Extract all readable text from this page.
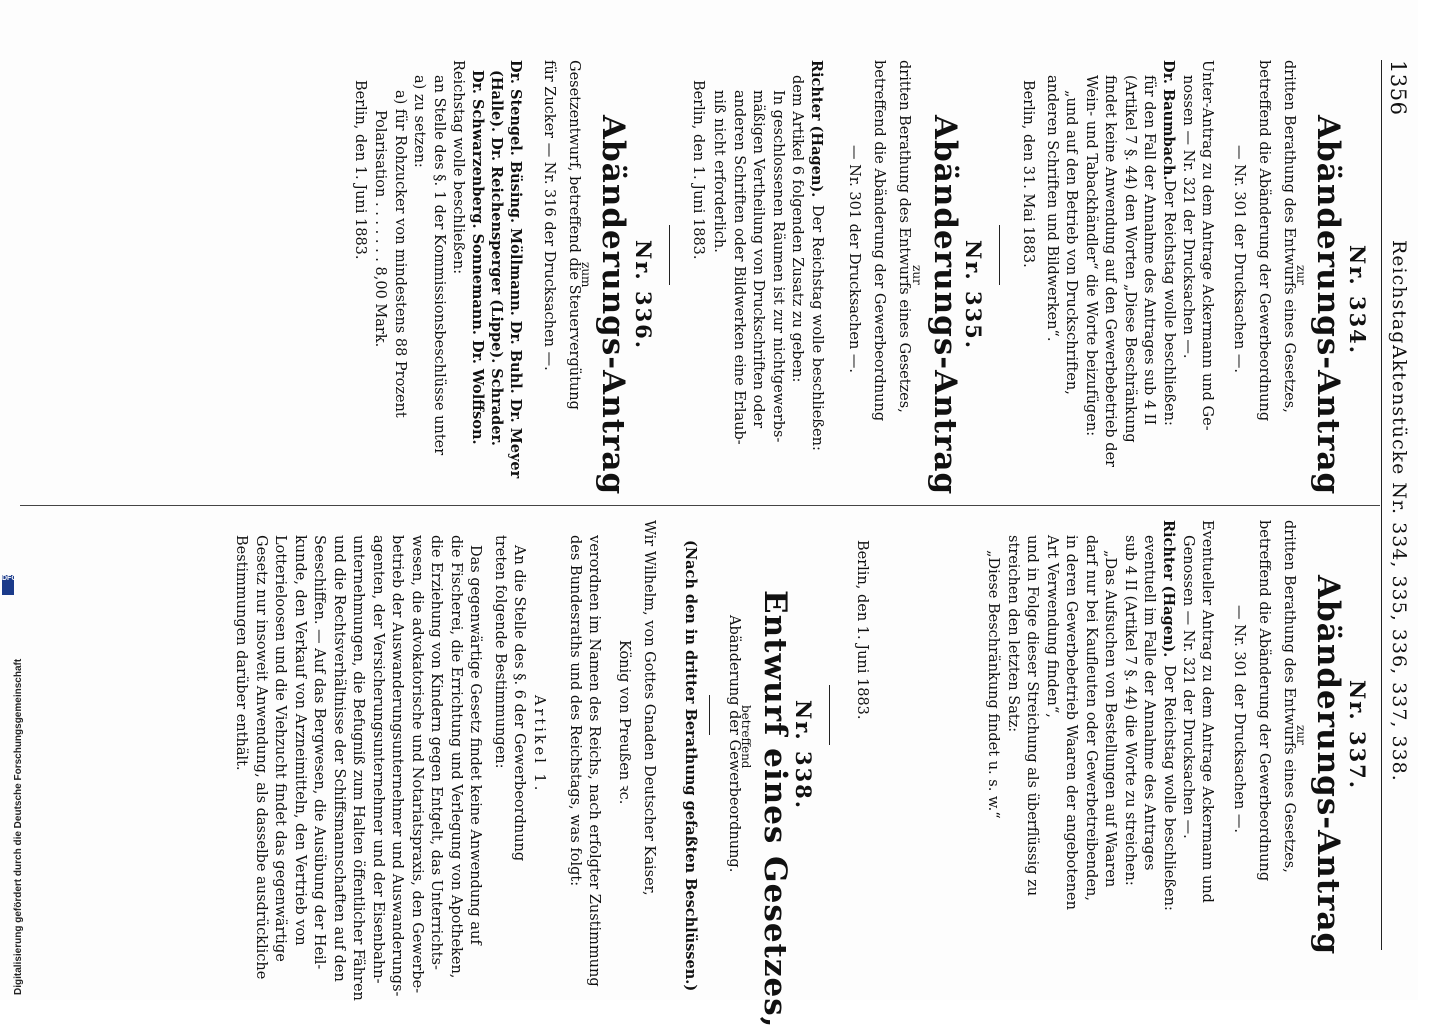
1356
Reichstag.
Aktenstücke Nr. 334, 335, 336, 337, 338.
Nr. 334.
Abänderungs-Antrag
zur
dritten Berathung des Entwurfs eines Gesetzes,
betreffend die Abänderung der Gewerbeordnung
— Nr. 301 der Drucksachen —.
Unter-Antrag zu dem Antrage Ackermann und Ge-
nossen — Nr. 321 der Drucksachen —.
Dr. Baumbach.
Der Reichstag wolle beschließen:
für den Fall der Annahme des Antrages sub 4 II
(Artikel 7 §. 44) den Worten „Diese Beschränkung
findet keine Anwendung auf den Gewerbebetrieb der
Wein- und Tabackhändler“ die Worte beizufügen:
„und auf den Betrieb von Druckschriften,
anderen Schriften und Bildwerken“.
Berlin, den 31. Mai 1883.
Nr. 335.
Abänderungs-Antrag
zur
dritten Berathung des Entwurfs eines Gesetzes,
betreffend die Abänderung der Gewerbeordnung
— Nr. 301 der Drucksachen —.
Richter (Hagen).
Der Reichstag wolle beschließen:
dem Artikel 6 folgenden Zusatz zu geben:
In geschlossenen Räumen ist zur nichtgewerbs-
mäßigen Vertheilung von Druckschriften oder
anderen Schriften oder Bildwerken eine Erlaub-
niß nicht erforderlich.
Berlin, den 1. Juni 1883.
Nr. 336.
Abänderungs-Antrag
zum
Gesetzentwurf, betreffend die Steuervergütung
für Zucker — Nr. 316 der Drucksachen —.
Dr. Stengel. Büsing. Möllmann. Dr. Buhl. Dr. Meyer
(Halle). Dr. Reichensperger (Lippe). Schrader.
Dr. Schwarzenberg. Sonnemann. Dr. Wolffson.
Reichstag wolle beschließen:
an Stelle des §. 1 der Kommissionsbeschlüsse unter
a) zu setzen:
a) für Rohzucker von mindestens 88 Prozent
Polarisation . . . . . . . 8,00 Mark.
Berlin, den 1. Juni 1883.
Nr. 337.
Abänderungs-Antrag
zur
dritten Berathung des Entwurfs eines Gesetzes,
betreffend die Abänderung der Gewerbeordnung
— Nr. 301 der Drucksachen —.
Eventueller Antrag zu dem Antrage Ackermann und
Genossen — Nr. 321 der Drucksachen —.
Richter (Hagen).
Der Reichstag wolle beschließen:
eventuell im Falle der Annahme des Antrages
sub 4 II (Artikel 7 §. 44) die Worte zu streichen:
„Das Aufsuchen von Bestellungen auf Waaren
darf nur bei Kaufleuten oder Gewerbetreibenden,
in deren Gewerbebetrieb Waaren der angebotenen
Art Verwendung finden“,
und in Folge dieser Streichung als überflüssig zu
streichen den letzten Satz:
„Diese Beschränkung findet u. s. w.“
Berlin, den 1. Juni 1883.
Nr. 338.
Entwurf eines Gesetzes,
betreffend
Abänderung der Gewerbeordnung.
(Nach den in dritter Berathung gefaßten Beschlüssen.)
Wir Wilhelm, von Gottes Gnaden Deutscher Kaiser,
König von Preußen ꝛc.
verordnen im Namen des Reichs, nach erfolgter Zustimmung
des Bundesraths und des Reichstags, was folgt:
Artikel 1.
An die Stelle des §. 6 der Gewerbeordnung
treten folgende Bestimmungen:
Das gegenwärtige Gesetz findet keine Anwendung auf
die Fischerei, die Errichtung und Verlegung von Apotheken,
die Erziehung von Kindern gegen Entgelt, das Unterrichts-
wesen, die advokatorische und Notariatspraxis, den Gewerbe-
betrieb der Auswanderungsunternehmer und Auswanderungs-
agenten, der Versicherungsunternehmer und der Eisenbahn-
unternehmungen, die Befugniß zum Halten öffentlicher Fähren
und die Rechtsverhältnisse der Schiffsmannschaften auf den
Seeschiffen. — Auf das Bergwesen, die Ausübung der Heil-
kunde, den Verkauf von Arzneimitteln, den Vertrieb von
Lotterieloosen und die Viehzucht findet das gegenwärtige
Gesetz nur insoweit Anwendung, als dasselbe ausdrückliche
Bestimmungen darüber enthält.
DFG
Digitalisierung gefördert durch die Deutsche Forschungsgemeinschaft
